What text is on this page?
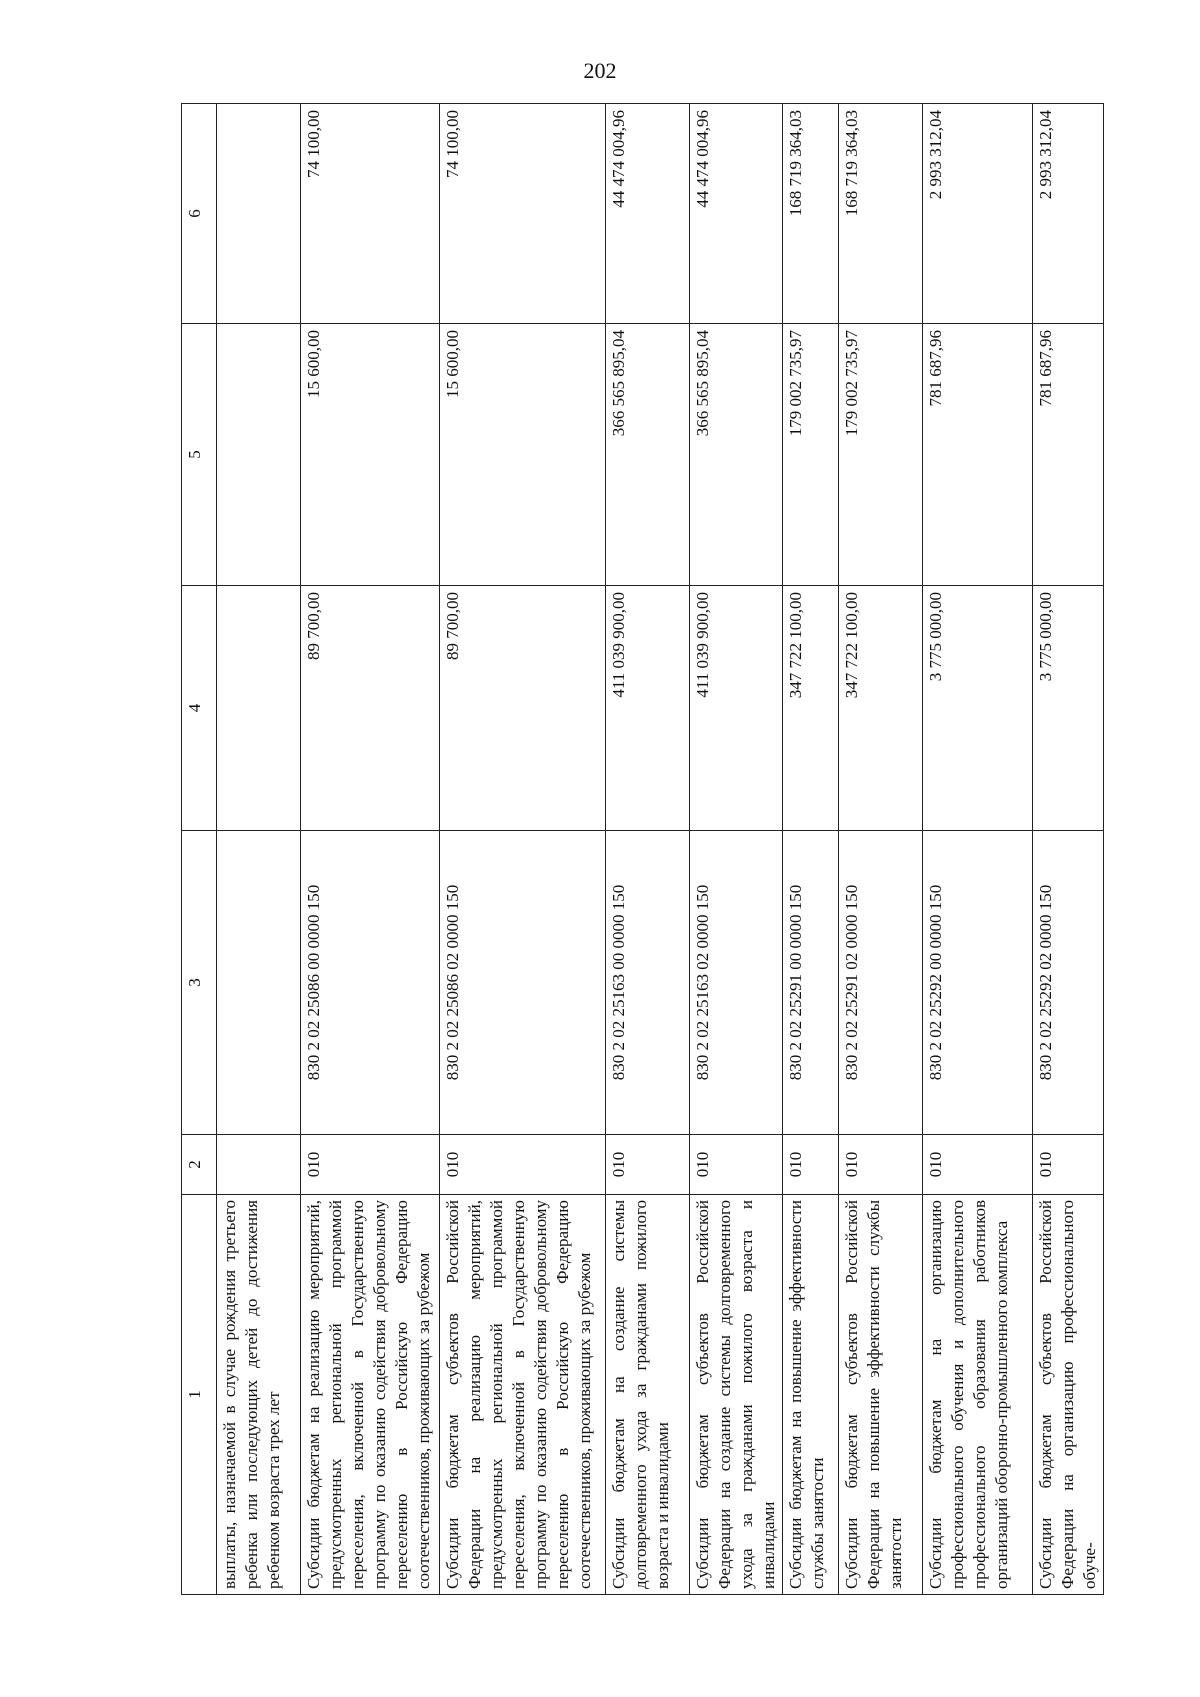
202
1	2	3	4	5	6
выплаты, назначаемой в случае рождения третьего ребенка или последующих детей до достижения ребенком возраста трех лет					
Субсидии бюджетам на реализацию мероприятий, предусмотренных региональной программой переселения, включенной в Государственную программу по оказанию содействия добровольному переселению в Российскую Федерацию соотечественников, проживающих за рубежом	010	830 2 02 25086 00 0000 150	89 700,00	15 600,00	74 100,00
Субсидии бюджетам субъектов Российской Федерации на реализацию мероприятий, предусмотренных региональной программой переселения, включенной в Государственную программу по оказанию содействия добровольному переселению в Российскую Федерацию соотечественников, проживающих за рубежом	010	830 2 02 25086 02 0000 150	89 700,00	15 600,00	74 100,00
Субсидии бюджетам на создание системы долговременного ухода за гражданами пожилого возраста и инвалидами	010	830 2 02 25163 00 0000 150	411 039 900,00	366 565 895,04	44 474 004,96
Субсидии бюджетам субъектов Российской Федерации на создание системы долговременного ухода за гражданами пожилого возраста и инвалидами	010	830 2 02 25163 02 0000 150	411 039 900,00	366 565 895,04	44 474 004,96
Субсидии бюджетам на повышение эффективности службы занятости	010	830 2 02 25291 00 0000 150	347 722 100,00	179 002 735,97	168 719 364,03
Субсидии бюджетам субъектов Российской Федерации на повышение эффективности службы занятости	010	830 2 02 25291 02 0000 150	347 722 100,00	179 002 735,97	168 719 364,03
Субсидии бюджетам на организацию профессионального обучения и дополнительного профессионального образования работников организаций оборонно-промышленного комплекса	010	830 2 02 25292 00 0000 150	3 775 000,00	781 687,96	2 993 312,04
Субсидии бюджетам субъектов Российской Федерации на организацию профессионального обуче-	010	830 2 02 25292 02 0000 150	3 775 000,00	781 687,96	2 993 312,04
